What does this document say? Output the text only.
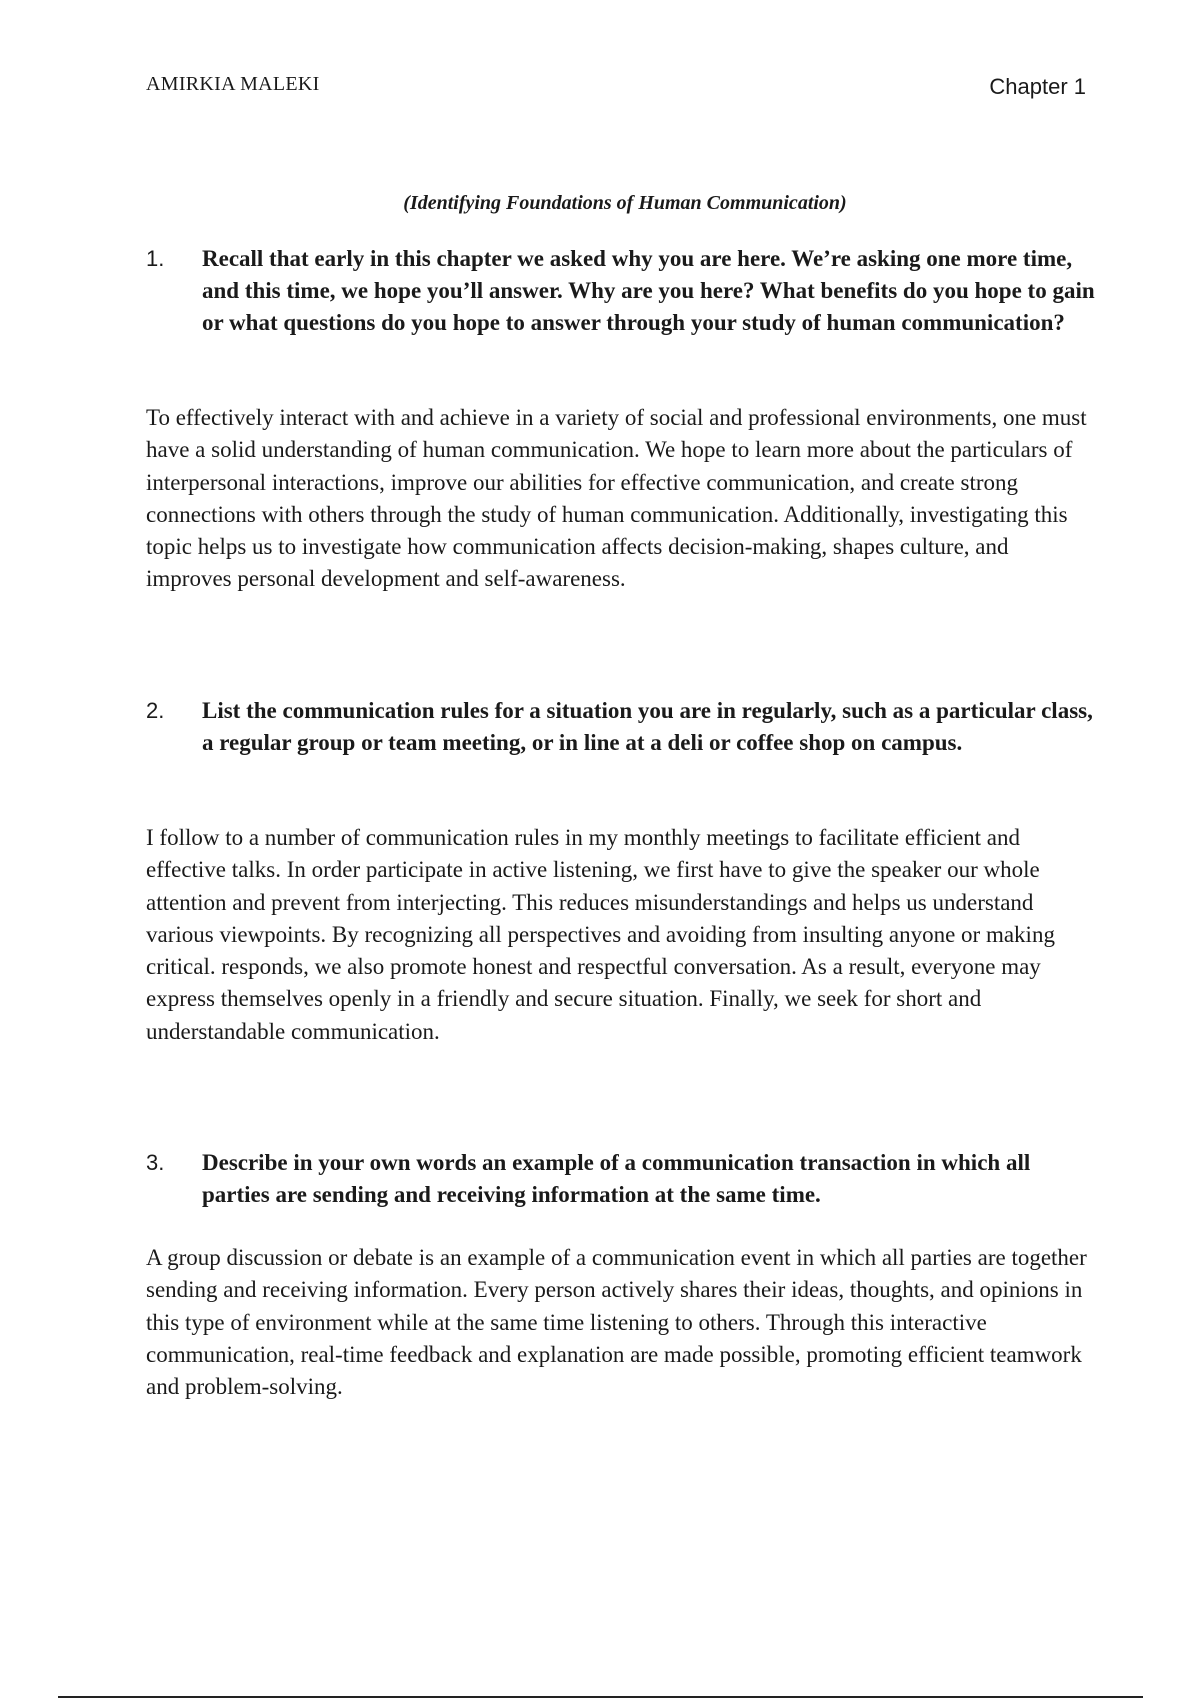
AMIRKIA MALEKI	Chapter 1
(Identifying Foundations of Human Communication)
1.	Recall that early in this chapter we asked why you are here. We’re asking one more time, and this time, we hope you’ll answer. Why are you here? What benefits do you hope to gain or what questions do you hope to answer through your study of human communication?
To effectively interact with and achieve in a variety of social and professional environments, one must have a solid understanding of human communication. We hope to learn more about the particulars of interpersonal interactions, improve our abilities for effective communication, and create strong connections with others through the study of human communication. Additionally, investigating this topic helps us to investigate how communication affects decision-making, shapes culture, and improves personal development and self-awareness.
2.	List the communication rules for a situation you are in regularly, such as a particular class, a regular group or team meeting, or in line at a deli or coffee shop on campus.
I follow to a number of communication rules in my monthly meetings to facilitate efficient and effective talks. In order participate in active listening, we first have to give the speaker our whole attention and prevent from interjecting. This reduces misunderstandings and helps us understand various viewpoints. By recognizing all perspectives and avoiding from insulting anyone or making critical. responds, we also promote honest and respectful conversation. As a result, everyone may express themselves openly in a friendly and secure situation. Finally, we seek for short and understandable communication.
3.	Describe in your own words an example of a communication transaction in which all parties are sending and receiving information at the same time.
A group discussion or debate is an example of a communication event in which all parties are together sending and receiving information. Every person actively shares their ideas, thoughts, and opinions in this type of environment while at the same time listening to others. Through this interactive communication, real-time feedback and explanation are made possible, promoting efficient teamwork and problem-solving.
